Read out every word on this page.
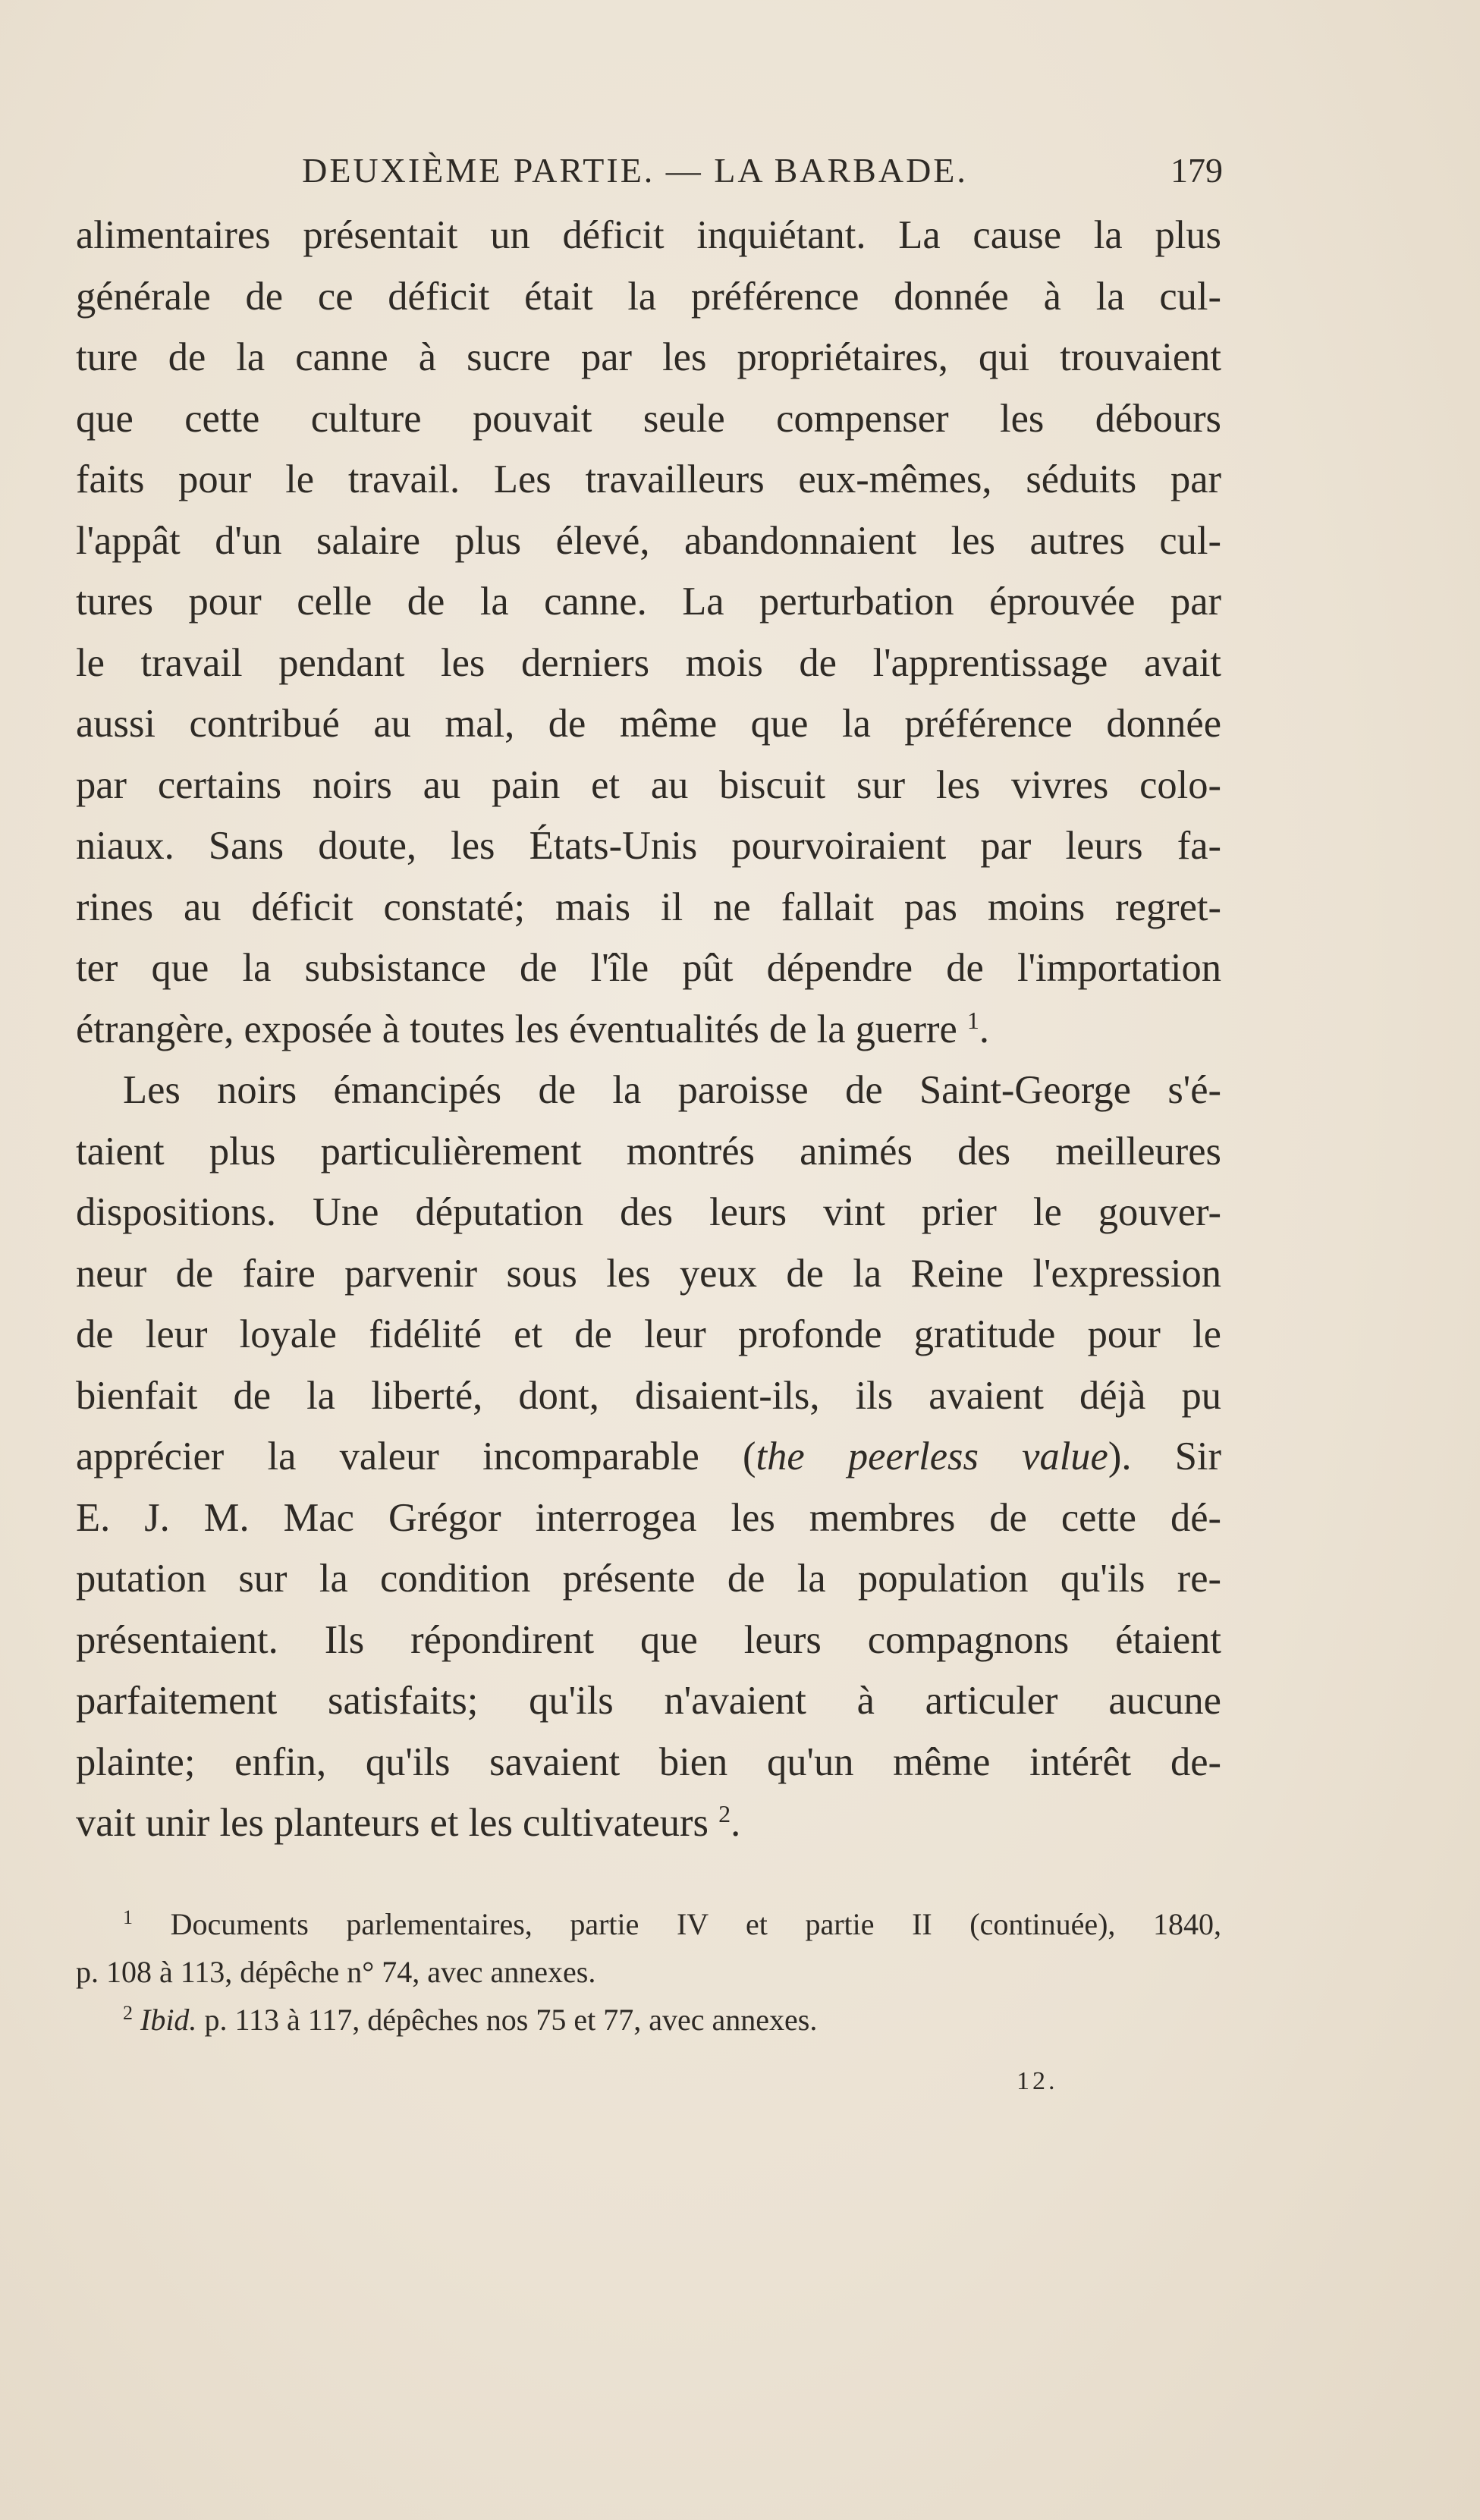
DEUXIÈME PARTIE. — LA BARBADE.	179
alimentaires présentait un déficit inquiétant. La cause la plus
générale de ce déficit était la préférence donnée à la cul-
ture de la canne à sucre par les propriétaires, qui trouvaient
que cette culture pouvait seule compenser les débours
faits pour le travail. Les travailleurs eux-mêmes, séduits par
l'appât d'un salaire plus élevé, abandonnaient les autres cul-
tures pour celle de la canne. La perturbation éprouvée par
le travail pendant les derniers mois de l'apprentissage avait
aussi contribué au mal, de même que la préférence donnée
par certains noirs au pain et au biscuit sur les vivres colo-
niaux. Sans doute, les États-Unis pourvoiraient par leurs fa-
rines au déficit constaté; mais il ne fallait pas moins regret-
ter que la subsistance de l'île pût dépendre de l'importation
étrangère, exposée à toutes les éventualités de la guerre $^1$.
Les noirs émancipés de la paroisse de Saint-George s'é-
taient plus particulièrement montrés animés des meilleures
dispositions. Une députation des leurs vint prier le gouver-
neur de faire parvenir sous les yeux de la Reine l'expression
de leur loyale fidélité et de leur profonde gratitude pour le
bienfait de la liberté, dont, disaient-ils, ils avaient déjà pu
apprécier la valeur incomparable (the peerless value). Sir
E. J. M. Mac Grégor interrogea les membres de cette dé-
putation sur la condition présente de la population qu'ils re-
présentaient. Ils répondirent que leurs compagnons étaient
parfaitement satisfaits; qu'ils n'avaient à articuler aucune
plainte; enfin, qu'ils savaient bien qu'un même intérêt de-
vait unir les planteurs et les cultivateurs $^2$.
$^1$ Documents parlementaires, partie IV et partie II (continuée), 1840,
p. 108 à 113, dépêche n° 74, avec annexes.
$^2$ Ibid. p. 113 à 117, dépêches nos 75 et 77, avec annexes.
12.
